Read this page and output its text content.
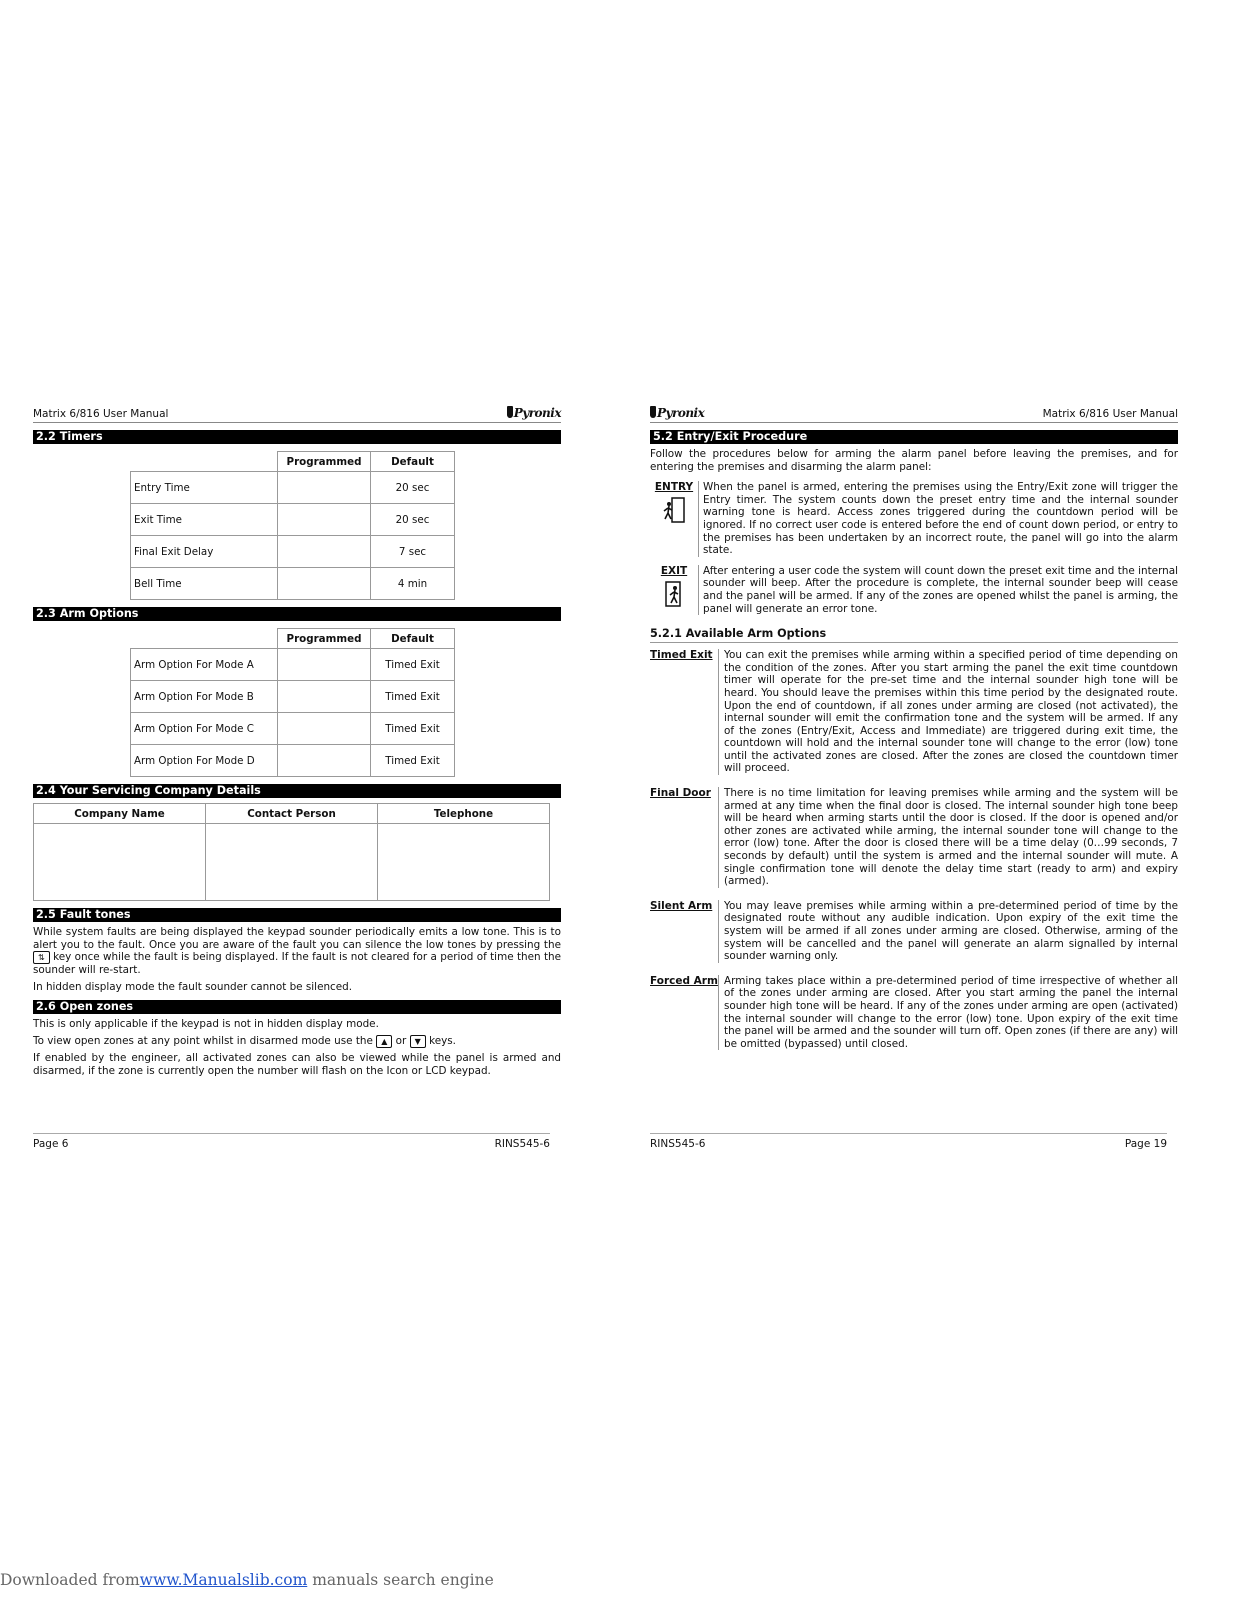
Matrix 6/816 User Manual	Pyronix
2.2 Timers
	Programmed	Default
Entry Time		20 sec
Exit Time		20 sec
Final Exit Delay		7 sec
Bell Time		4 min
2.3 Arm Options
	Programmed	Default
Arm Option For Mode A		Timed Exit
Arm Option For Mode B		Timed Exit
Arm Option For Mode C		Timed Exit
Arm Option For Mode D		Timed Exit
2.4 Your Servicing Company Details
Company Name	Contact Person	Telephone

2.5 Fault tones

While system faults are being displayed the keypad sounder periodically emits a low tone. This is to alert you to the fault. Once you are aware of the fault you can silence the low tones by pressing the ⇅ key once while the fault is being displayed. If the fault is not cleared for a period of time then the sounder will re-start.

In hidden display mode the fault sounder cannot be silenced.

2.6 Open zones

This is only applicable if the keypad is not in hidden display mode.

To view open zones at any point whilst in disarmed mode use the ▲ or ▼ keys.

If enabled by the engineer, all activated zones can also be viewed while the panel is armed and disarmed, if the zone is currently open the number will flash on the Icon or LCD keypad.

Page 6	RINS545-6
Pyronix	Matrix 6/816 User Manual
5.2 Entry/Exit Procedure

Follow the procedures below for arming the alarm panel before leaving the premises, and for entering the premises and disarming the alarm panel:

ENTRY When the panel is armed, entering the premises using the Entry/Exit zone will trigger the Entry timer. The system counts down the preset entry time and the internal sounder warning tone is heard. Access zones triggered during the countdown period will be ignored. If no correct user code is entered before the end of count down period, or entry to the premises has been undertaken by an incorrect route, the panel will go into the alarm state.

EXIT	After entering a user code the system will count down the preset exit time and the internal sounder will beep. After the procedure is complete, the internal sounder beep will cease and the panel will be armed. If any of the zones are opened whilst the panel is arming, the panel will generate an error tone.

5.2.1 Available Arm Options
Timed Exit	You can exit the premises while arming within a specified period of time depending on the condition of the zones. After you start arming the panel the exit time countdown timer will operate for the pre-set time and the internal sounder high tone will be heard. You should leave the premises within this time period by the designated route. Upon the end of countdown, if all zones under arming are closed (not activated), the internal sounder will emit the confirmation tone and the system will be armed. If any of the zones (Entry/Exit, Access and Immediate) are triggered during exit time, the countdown will hold and the internal sounder tone will change to the error (low) tone until the activated zones are closed. After the zones are closed the countdown timer will proceed.

Final Door	There is no time limitation for leaving premises while arming and the system will be armed at any time when the final door is closed. The internal sounder high tone beep will be heard when arming starts until the door is closed. If the door is opened and/or other zones are activated while arming, the internal sounder tone will change to the error (low) tone. After the door is closed there will be a time delay (0…99 seconds, 7 seconds by default) until the system is armed and the internal sounder will mute. A single confirmation tone will denote the delay time start (ready to arm) and expiry (armed).

Silent Arm	You may leave premises while arming within a pre-determined period of time by the designated route without any audible indication. Upon expiry of the exit time the system will be armed if all zones under arming are closed. Otherwise, arming of the system will be cancelled and the panel will generate an alarm signalled by internal sounder warning only.

Forced Arm Arming takes place within a pre-determined period of time irrespective of whether all of the zones under arming are closed. After you start arming the panel the internal sounder high tone will be heard. If any of the zones under arming are open (activated) the internal sounder will change to the error (low) tone. Upon expiry of the exit time the panel will be armed and the sounder will turn off. Open zones (if there are any) will be omitted (bypassed) until closed.

RINS545-6	Page 19
Downloaded fromwww.Manualslib.com manuals search engine
